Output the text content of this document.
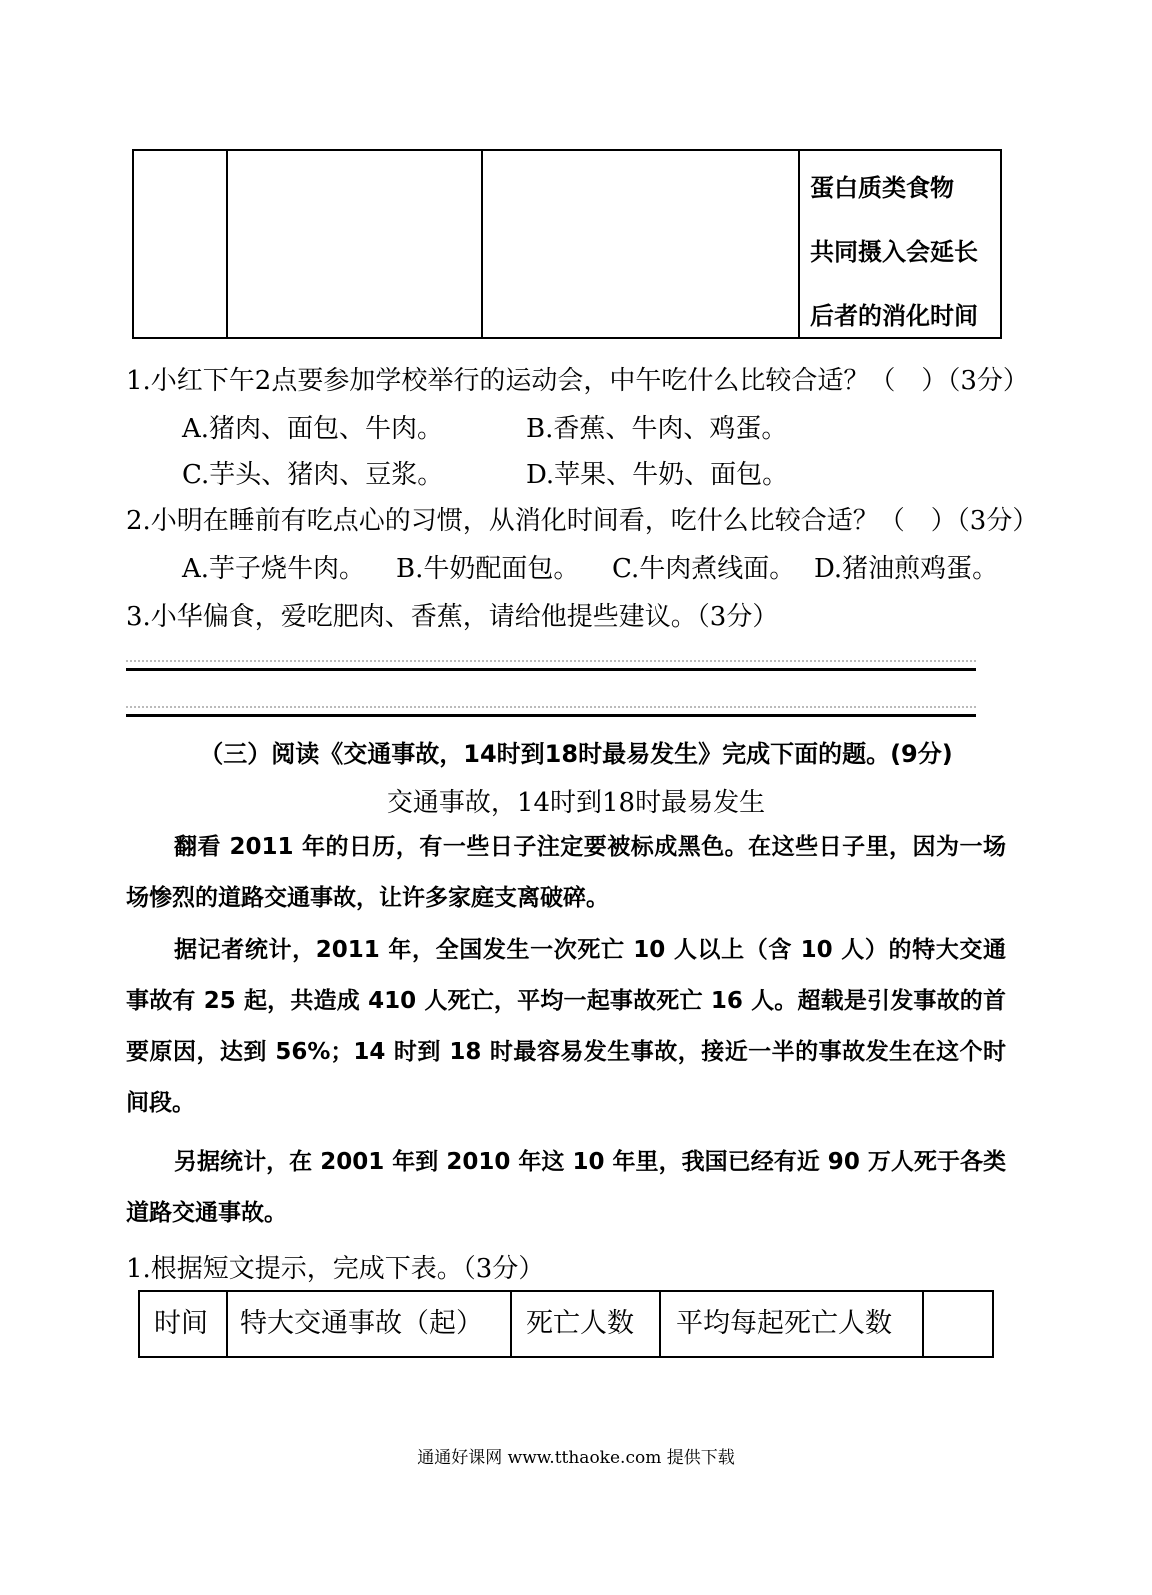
蛋白质类食物
共同摄入会延长
后者的消化时间
1.小红下午2点要参加学校举行的运动会，中午吃什么比较合适？（　）（3分）
A.猪肉、面包、牛肉。	B.香蕉、牛肉、鸡蛋。
C.芋头、猪肉、豆浆。	D.苹果、牛奶、面包。
2.小明在睡前有吃点心的习惯，从消化时间看，吃什么比较合适？（　）（3分）
A.芋子烧牛肉。 B.牛奶配面包。 C.牛肉煮线面。 D.猪油煎鸡蛋。
3.小华偏食，爱吃肥肉、香蕉，请给他提些建议。（3分）
（三）阅读《交通事故，14时到18时最易发生》完成下面的题。(9分)
交通事故，14时到18时最易发生
翻看 2011 年的日历，有一些日子注定要被标成黑色。在这些日子里，因为一场场惨烈的道路交通事故，让许多家庭支离破碎。
据记者统计，2011 年，全国发生一次死亡 10 人以上（含 10 人）的特大交通事故有 25 起，共造成 410 人死亡，平均一起事故死亡 16 人。超载是引发事故的首要原因，达到 56%；14 时到 18 时最容易发生事故，接近一半的事故发生在这个时间段。
另据统计，在 2001 年到 2010 年这 10 年里，我国已经有近 90 万人死于各类道路交通事故。
1.根据短文提示，完成下表。（3分）
时间 特大交通事故（起） 死亡人数 平均每起死亡人数
通通好课网 www.tthaoke.com 提供下载
